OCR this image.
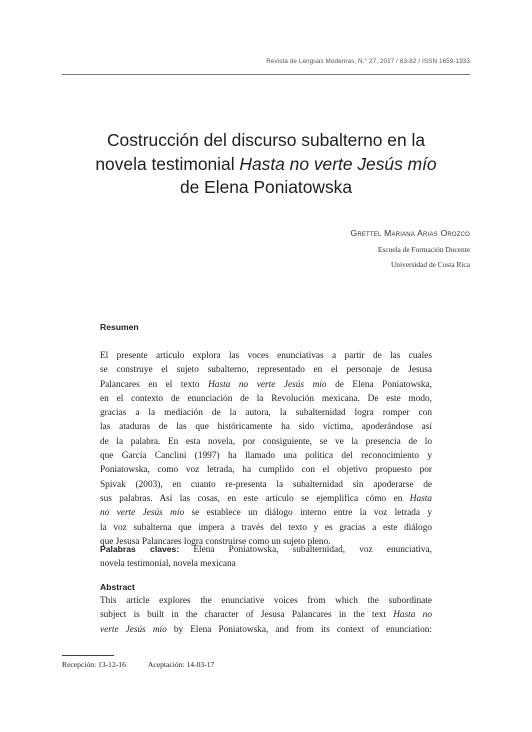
Revista de Lenguas Modernas, N.° 27, 2017 / 63-82 / ISSN 1659-1933
Costrucción del discurso subalterno en la
novela testimonial Hasta no verte Jesús mío
de Elena Poniatowska
Grettel Mariana Arias Orozco
Escuela de Formación Docente
Universidad de Costa Rica
Resumen

El presente artículo explora las voces enunciativas a partir de las cuales
se construye el sujeto subalterno, representado en el personaje de Jesusa
Palancares en el texto Hasta no verte Jesús mío de Elena Poniatowska,
en el contexto de enunciación de la Revolución mexicana. De este modo,
gracias a la mediación de la autora, la subalternidad logra romper con
las ataduras de las que históricamente ha sido víctima, apoderándose así
de la palabra. En esta novela, por consiguiente, se ve la presencia de lo
que García Canclini (1997) ha llamado una política del reconocimiento y
Poniatowska, como voz letrada, ha cumplido con el objetivo propuesto por
Spivak (2003), en cuanto re-presenta la subalternidad sin apoderarse de
sus palabras. Así las cosas, en este artículo se ejemplifica cómo en Hasta
no verte Jesús mío se establece un diálogo interno entre la voz letrada y
la voz subalterna que impera a través del texto y es gracias a este diálogo
que Jesusa Palancares logra construirse como un sujeto pleno.

Palabras claves: Elena Poniatowska, subalternidad, voz enunciativa,
novela testimonial, novela mexicana
Abstract

This article explores the enunciative voices from which the subordinate
subject is built in the character of Jesusa Palancares in the text Hasta no
verte Jesús mío by Elena Poniatowska, and from its context of enunciation:

Recepción: 13-12-16	Aceptación: 14-03-17
